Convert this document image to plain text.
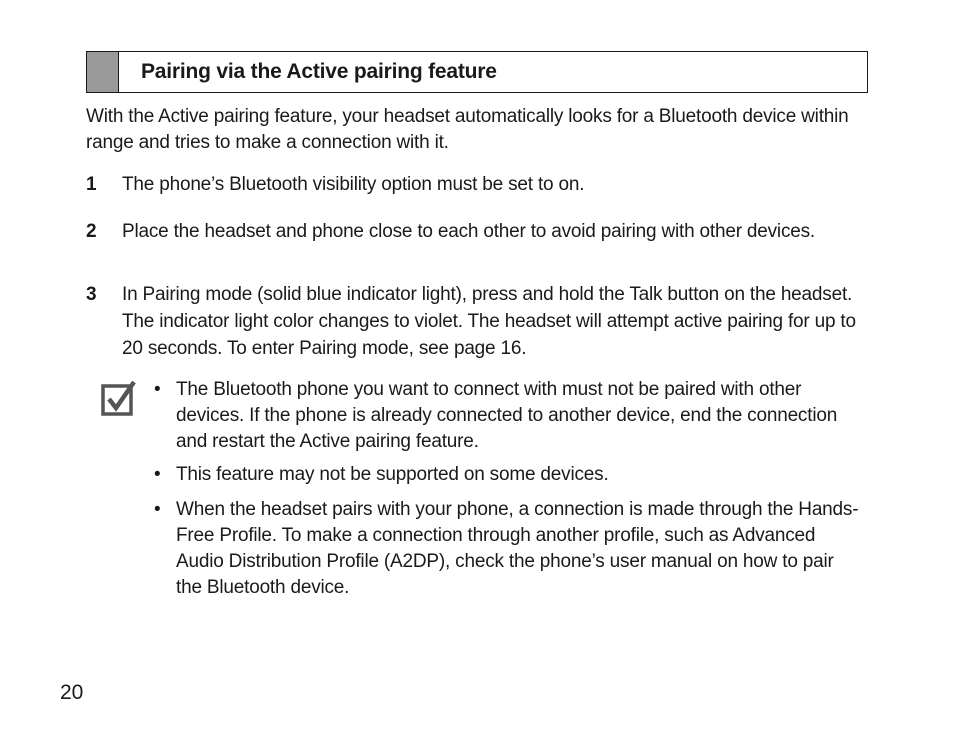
Pairing via the Active pairing feature

With the Active pairing feature, your headset automatically looks for a Bluetooth device within range and tries to make a connection with it.

1 The phone’s Bluetooth visibility option must be set to on.
2 Place the headset and phone close to each other to avoid pairing with other devices.
3 In Pairing mode (solid blue indicator light), press and hold the Talk button on the headset. The indicator light color changes to violet. The headset will attempt active pairing for up to 20 seconds. To enter Pairing mode, see page 16.
• The Bluetooth phone you want to connect with must not be paired with other devices. If the phone is already connected to another device, end the connection and restart the Active pairing feature.
• This feature may not be supported on some devices.
• When the headset pairs with your phone, a connection is made through the Hands-Free Profile. To make a connection through another profile, such as Advanced Audio Distribution Profile (A2DP), check the phone’s user manual on how to pair the Bluetooth device.
20
